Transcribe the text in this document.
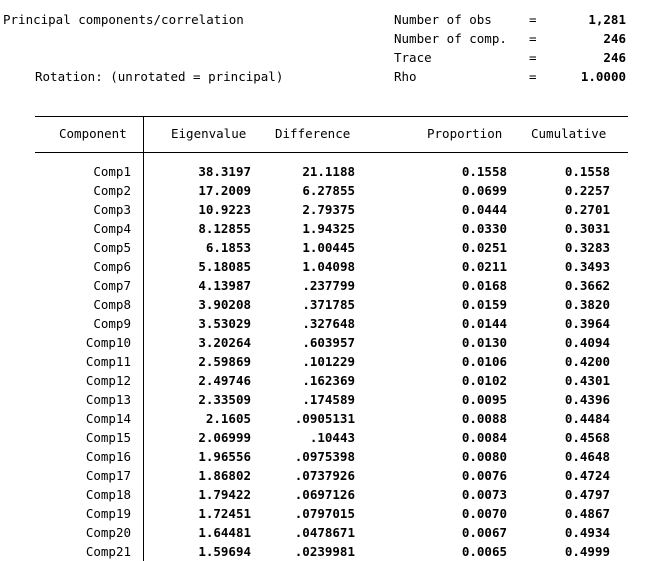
Principal components/correlation
Rotation: (unrotated = principal)
Number of obs	=	1,281
Number of comp. =	246
Trace	=	246
Rho	=	1.0000
Component	Eigenvalue Difference	Proportion Cumulative
Comp1	38.3197	21.1188	0.1558	0.1558
Comp2	17.2009	6.27855	0.0699	0.2257
Comp3	10.9223	2.79375	0.0444	0.2701
Comp4	8.12855	1.94325	0.0330	0.3031
Comp5	6.1853	1.00445	0.0251	0.3283
Comp6	5.18085	1.04098	0.0211	0.3493
Comp7	4.13987	.237799	0.0168	0.3662
Comp8	3.90208	.371785	0.0159	0.3820
Comp9	3.53029	.327648	0.0144	0.3964
Comp10	3.20264	.603957	0.0130	0.4094
Comp11	2.59869	.101229	0.0106	0.4200
Comp12	2.49746	.162369	0.0102	0.4301
Comp13	2.33509	.174589	0.0095	0.4396
Comp14	2.1605	.0905131	0.0088	0.4484
Comp15	2.06999	.10443	0.0084	0.4568
Comp16	1.96556	.0975398	0.0080	0.4648
Comp17	1.86802	.0737926	0.0076	0.4724
Comp18	1.79422	.0697126	0.0073	0.4797
Comp19	1.72451	.0797015	0.0070	0.4867
Comp20	1.64481	.0478671	0.0067	0.4934
Comp21	1.59694	.0239981	0.0065	0.4999
